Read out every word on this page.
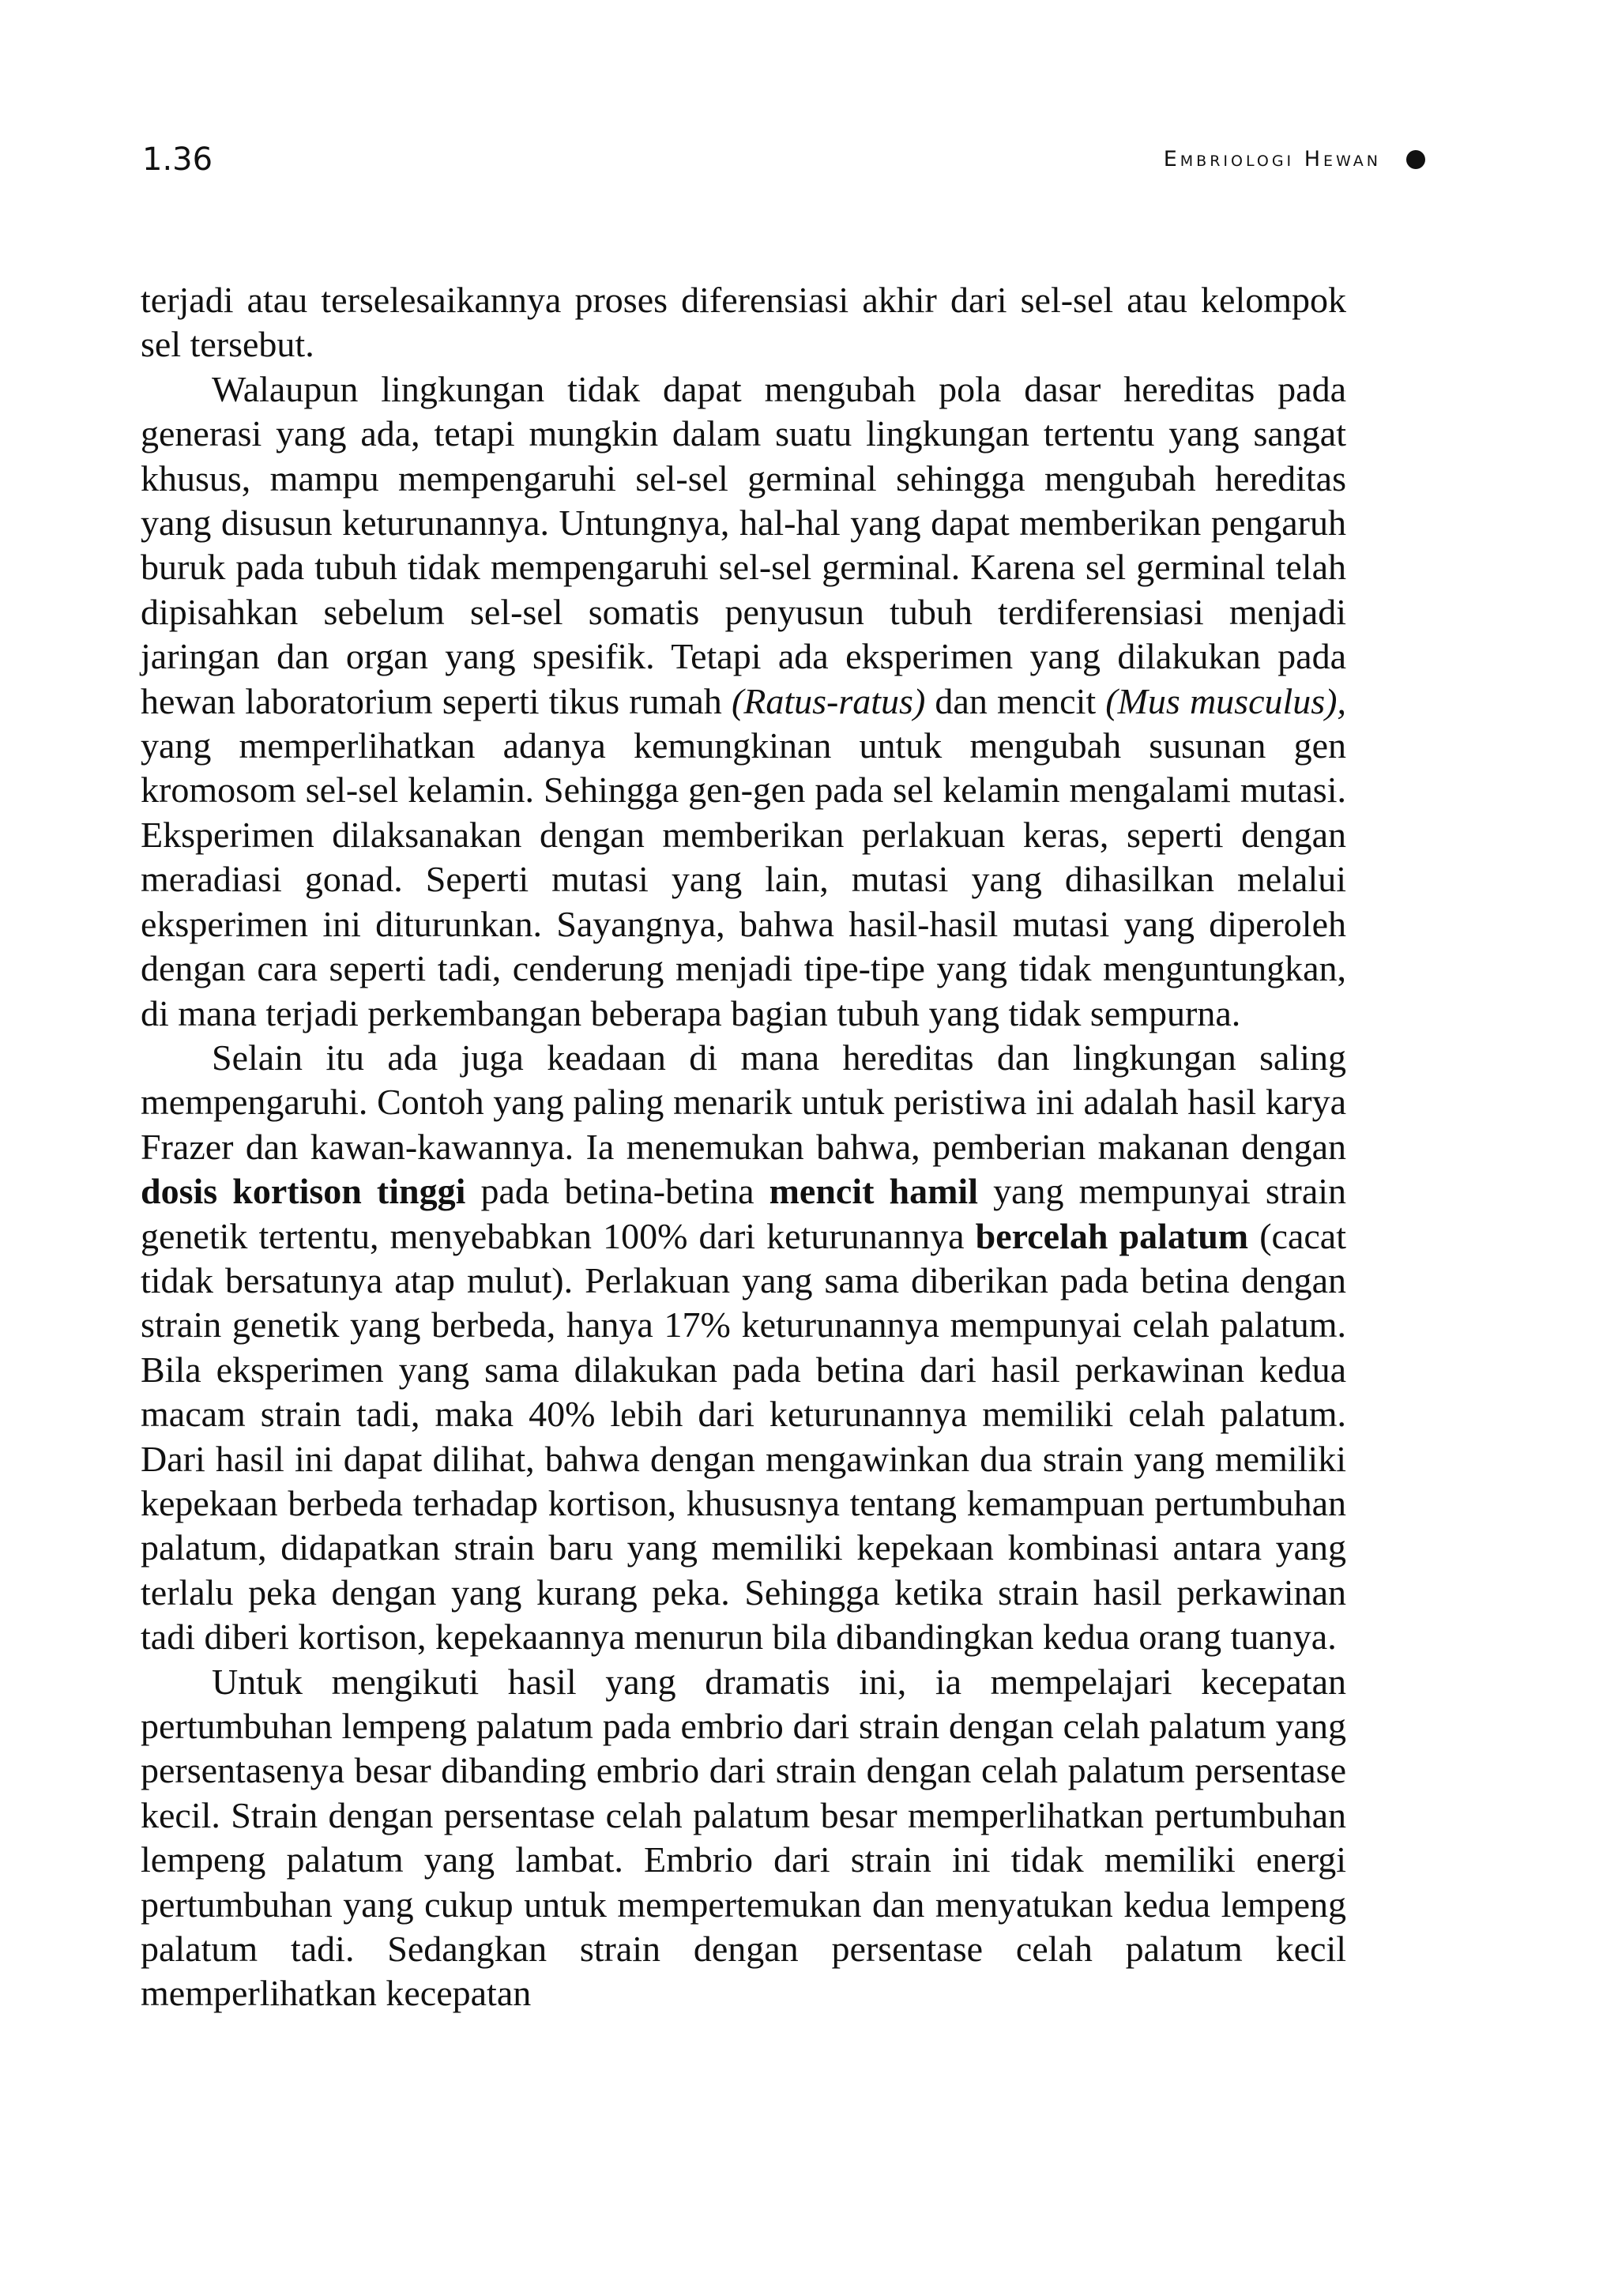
1.36	Embriologi Hewan

terjadi atau terselesaikannya proses diferensiasi akhir dari sel-sel atau kelompok sel tersebut.

Walaupun lingkungan tidak dapat mengubah pola dasar hereditas pada generasi yang ada, tetapi mungkin dalam suatu lingkungan tertentu yang sangat khusus, mampu mempengaruhi sel-sel germinal sehingga mengubah hereditas yang disusun keturunannya. Untungnya, hal-hal yang dapat memberikan pengaruh buruk pada tubuh tidak mempengaruhi sel-sel germinal. Karena sel germinal telah dipisahkan sebelum sel-sel somatis penyusun tubuh terdiferensiasi menjadi jaringan dan organ yang spesifik. Tetapi ada eksperimen yang dilakukan pada hewan laboratorium seperti tikus rumah (Ratus-ratus) dan mencit (Mus musculus), yang memperlihatkan adanya kemungkinan untuk mengubah susunan gen kromosom sel-sel kelamin. Sehingga gen-gen pada sel kelamin mengalami mutasi. Eksperimen dilaksanakan dengan memberikan perlakuan keras, seperti dengan meradiasi gonad. Seperti mutasi yang lain, mutasi yang dihasilkan melalui eksperimen ini diturunkan. Sayangnya, bahwa hasil-hasil mutasi yang diperoleh dengan cara seperti tadi, cenderung menjadi tipe-tipe yang tidak menguntungkan, di mana terjadi perkembangan beberapa bagian tubuh yang tidak sempurna.

Selain itu ada juga keadaan di mana hereditas dan lingkungan saling mempengaruhi. Contoh yang paling menarik untuk peristiwa ini adalah hasil karya Frazer dan kawan-kawannya. Ia menemukan bahwa, pemberian makanan dengan dosis kortison tinggi pada betina-betina mencit hamil yang mempunyai strain genetik tertentu, menyebabkan 100% dari keturunannya bercelah palatum (cacat tidak bersatunya atap mulut). Perlakuan yang sama diberikan pada betina dengan strain genetik yang berbeda, hanya 17% keturunannya mempunyai celah palatum. Bila eksperimen yang sama dilakukan pada betina dari hasil perkawinan kedua macam strain tadi, maka 40% lebih dari keturunannya memiliki celah palatum. Dari hasil ini dapat dilihat, bahwa dengan mengawinkan dua strain yang memiliki kepekaan berbeda terhadap kortison, khususnya tentang kemampuan pertumbuhan palatum, didapatkan strain baru yang memiliki kepekaan kombinasi antara yang terlalu peka dengan yang kurang peka. Sehingga ketika strain hasil perkawinan tadi diberi kortison, kepekaannya menurun bila dibandingkan kedua orang tuanya.

Untuk mengikuti hasil yang dramatis ini, ia mempelajari kecepatan pertumbuhan lempeng palatum pada embrio dari strain dengan celah palatum yang persentasenya besar dibanding embrio dari strain dengan celah palatum persentase kecil. Strain dengan persentase celah palatum besar memperlihatkan pertumbuhan lempeng palatum yang lambat. Embrio dari strain ini tidak memiliki energi pertumbuhan yang cukup untuk mempertemukan dan menyatukan kedua lempeng palatum tadi. Sedangkan strain dengan persentase celah palatum kecil memperlihatkan kecepatan
